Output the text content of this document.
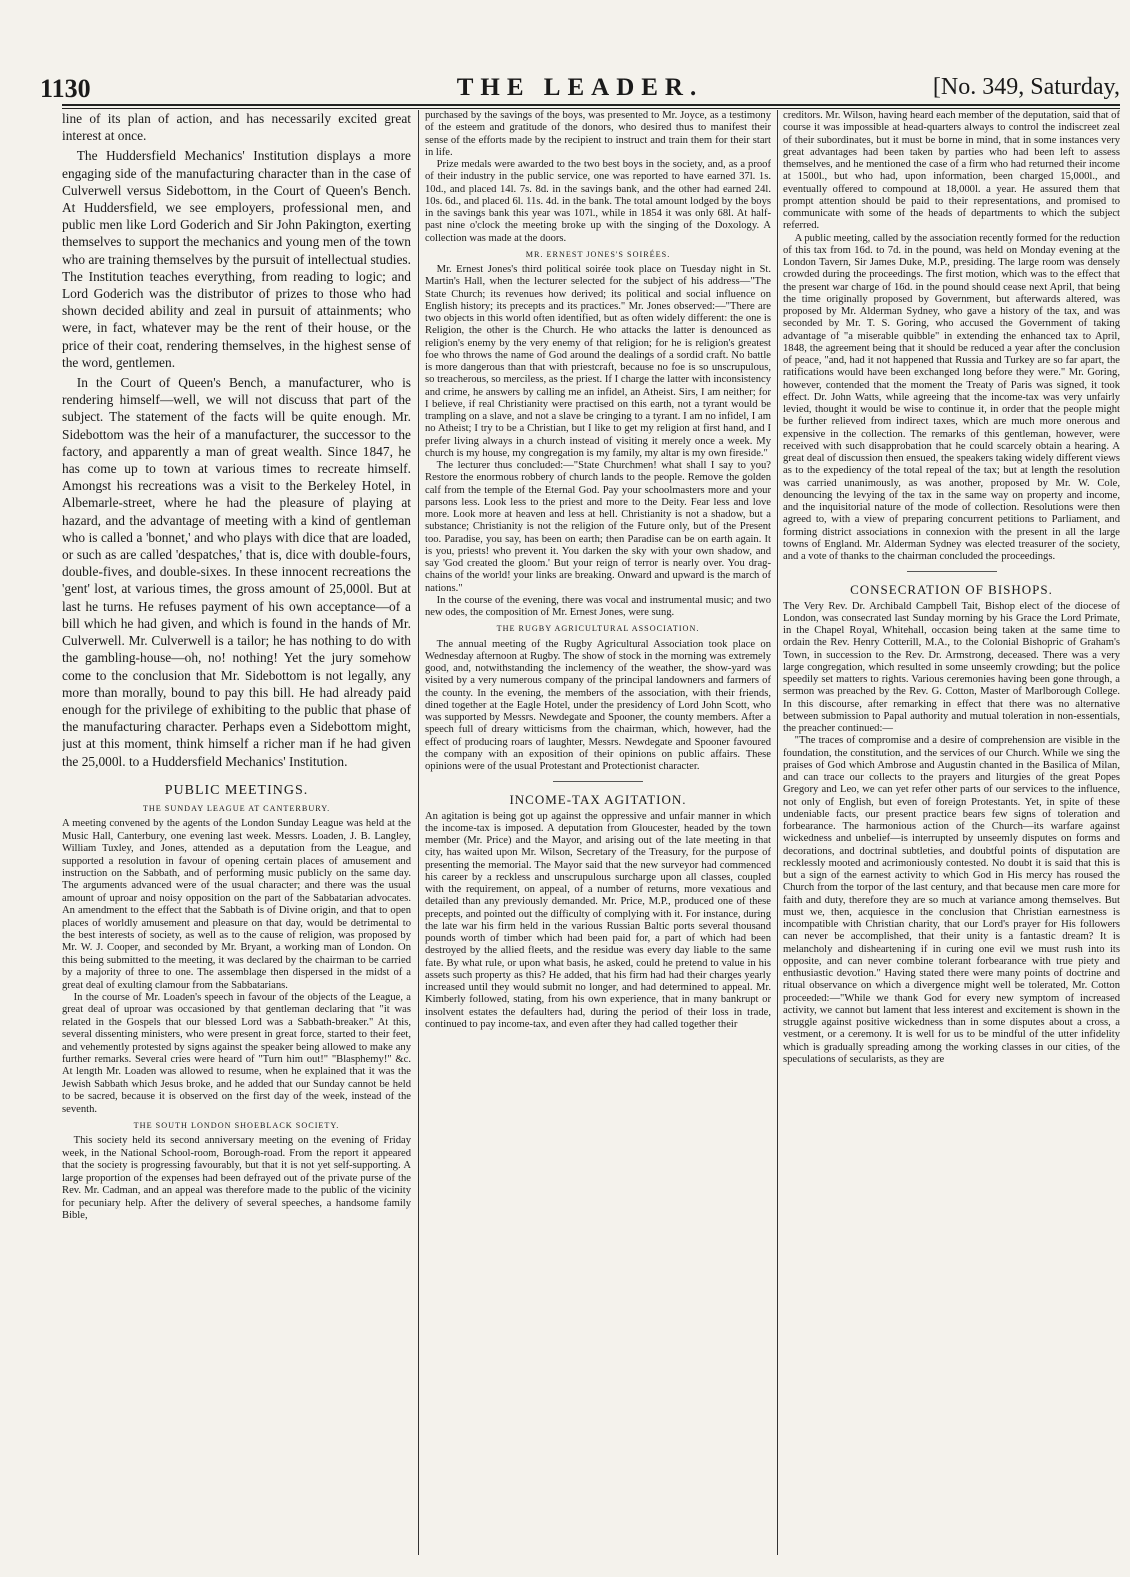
THE LEADER.
1130	[No. 349, Saturday,

line of its plan of action, and has necessarily excited great interest at once.

The Huddersfield Mechanics' Institution displays a more engaging side of the manufacturing character than in the case of Culverwell versus Sidebottom, in the Court of Queen's Bench. At Huddersfield, we see employers, professional men, and public men like Lord Goderich and Sir John Pakington, exerting themselves to support the mechanics and young men of the town who are training themselves by the pursuit of intellectual studies. The Institution teaches everything, from reading to logic; and Lord Goderich was the distributor of prizes to those who had shown decided ability and zeal in pursuit of attainments; who were, in fact, whatever may be the rent of their house, or the price of their coat, rendering themselves, in the highest sense of the word, gentlemen.

In the Court of Queen's Bench, a manufacturer, who is rendering himself—well, we will not discuss that part of the subject. The statement of the facts will be quite enough. Mr. Sidebottom was the heir of a manufacturer, the successor to the factory, and apparently a man of great wealth. Since 1847, he has come up to town at various times to recreate himself. Amongst his recreations was a visit to the Berkeley Hotel, in Albemarle-street, where he had the pleasure of playing at hazard, and the advantage of meeting with a kind of gentleman who is called a 'bonnet,' and who plays with dice that are loaded, or such as are called 'despatches,' that is, dice with double-fours, double-fives, and double-sixes. In these innocent recreations the 'gent' lost, at various times, the gross amount of 25,000l. But at last he turns. He refuses payment of his own acceptance—of a bill which he had given, and which is found in the hands of Mr. Culverwell. Mr. Culverwell is a tailor; he has nothing to do with the gambling-house—oh, no! nothing! Yet the jury somehow come to the conclusion that Mr. Sidebottom is not legally, any more than morally, bound to pay this bill. He had already paid enough for the privilege of exhibiting to the public that phase of the manufacturing character. Perhaps even a Sidebottom might, just at this moment, think himself a richer man if he had given the 25,000l. to a Huddersfield Mechanics' Institution.

PUBLIC MEETINGS.
THE SUNDAY LEAGUE AT CANTERBURY.

A meeting convened by the agents of the London Sunday League was held at the Music Hall, Canterbury, one evening last week. Messrs. Loaden, J. B. Langley, William Tuxley, and Jones, attended as a deputation from the League, and supported a resolution in favour of opening certain places of amusement and instruction on the Sabbath, and of performing music publicly on the same day. The arguments advanced were of the usual character; and there was the usual amount of uproar and noisy opposition on the part of the Sabbatarian advocates. An amendment to the effect that the Sabbath is of Divine origin, and that to open places of worldly amusement and pleasure on that day, would be detrimental to the best interests of society, as well as to the cause of religion, was proposed by Mr. W. J. Cooper, and seconded by Mr. Bryant, a working man of London. On this being submitted to the meeting, it was declared by the chairman to be carried by a majority of three to one. The assemblage then dispersed in the midst of a great deal of exulting clamour from the Sabbatarians.

In the course of Mr. Loaden's speech in favour of the objects of the League, a great deal of uproar was occasioned by that gentleman declaring that "it was related in the Gospels that our blessed Lord was a Sabbath-breaker." At this, several dissenting ministers, who were present in great force, started to their feet, and vehemently protested by signs against the speaker being allowed to make any further remarks. Several cries were heard of "Turn him out!" "Blasphemy!" &c. At length Mr. Loaden was allowed to resume, when he explained that it was the Jewish Sabbath which Jesus broke, and he added that our Sunday cannot be held to be sacred, because it is observed on the first day of the week, instead of the seventh.

THE SOUTH LONDON SHOEBLACK SOCIETY.

This society held its second anniversary meeting on the evening of Friday week, in the National School-room, Borough-road. From the report it appeared that the society is progressing favourably, but that it is not yet self-supporting. A large proportion of the expenses had been defrayed out of the private purse of the Rev. Mr. Cadman, and an appeal was therefore made to the public of the vicinity for pecuniary help. After the delivery of several speeches, a handsome family Bible,

purchased by the savings of the boys, was presented to Mr. Joyce, as a testimony of the esteem and gratitude of the donors, who desired thus to manifest their sense of the efforts made by the recipient to instruct and train them for their start in life.

Prize medals were awarded to the two best boys in the society, and, as a proof of their industry in the public service, one was reported to have earned 37l. 1s. 10d., and placed 14l. 7s. 8d. in the savings bank, and the other had earned 24l. 10s. 6d., and placed 6l. 11s. 4d. in the bank. The total amount lodged by the boys in the savings bank this year was 107l., while in 1854 it was only 68l. At half-past nine o'clock the meeting broke up with the singing of the Doxology. A collection was made at the doors.

MR. ERNEST JONES'S SOIRÉES.

Mr. Ernest Jones's third political soirée took place on Tuesday night in St. Martin's Hall, when the lecturer selected for the subject of his address—"The State Church; its revenues how derived; its political and social influence on English history; its precepts and its practices." Mr. Jones observed:—"There are two objects in this world often identified, but as often widely different: the one is Religion, the other is the Church. He who attacks the latter is denounced as religion's enemy by the very enemy of that religion; for he is religion's greatest foe who throws the name of God around the dealings of a sordid craft. No battle is more dangerous than that with priestcraft, because no foe is so unscrupulous, so treacherous, so merciless, as the priest. If I charge the latter with inconsistency and crime, he answers by calling me an infidel, an Atheist. Sirs, I am neither; for I believe, if real Christianity were practised on this earth, not a tyrant would be trampling on a slave, and not a slave be cringing to a tyrant. I am no infidel, I am no Atheist; I try to be a Christian, but I like to get my religion at first hand, and I prefer living always in a church instead of visiting it merely once a week. My church is my house, my congregation is my family, my altar is my own fireside."

The lecturer thus concluded:—"State Churchmen! what shall I say to you? Restore the enormous robbery of church lands to the people. Remove the golden calf from the temple of the Eternal God. Pay your schoolmasters more and your parsons less. Look less to the priest and more to the Deity. Fear less and love more. Look more at heaven and less at hell. Christianity is not a shadow, but a substance; Christianity is not the religion of the Future only, but of the Present too. Paradise, you say, has been on earth; then Paradise can be on earth again. It is you, priests! who prevent it. You darken the sky with your own shadow, and say 'God created the gloom.' But your reign of terror is nearly over. You drag-chains of the world! your links are breaking. Onward and upward is the march of nations."

In the course of the evening, there was vocal and instrumental music; and two new odes, the composition of Mr. Ernest Jones, were sung.

THE RUGBY AGRICULTURAL ASSOCIATION.

The annual meeting of the Rugby Agricultural Association took place on Wednesday afternoon at Rugby. The show of stock in the morning was extremely good, and, notwithstanding the inclemency of the weather, the show-yard was visited by a very numerous company of the principal landowners and farmers of the county. In the evening, the members of the association, with their friends, dined together at the Eagle Hotel, under the presidency of Lord John Scott, who was supported by Messrs. Newdegate and Spooner, the county members. After a speech full of dreary witticisms from the chairman, which, however, had the effect of producing roars of laughter, Messrs. Newdegate and Spooner favoured the company with an exposition of their opinions on public affairs. These opinions were of the usual Protestant and Protectionist character.

INCOME-TAX AGITATION.

An agitation is being got up against the oppressive and unfair manner in which the income-tax is imposed. A deputation from Gloucester, headed by the town member (Mr. Price) and the Mayor, and arising out of the late meeting in that city, has waited upon Mr. Wilson, Secretary of the Treasury, for the purpose of presenting the memorial. The Mayor said that the new surveyor had commenced his career by a reckless and unscrupulous surcharge upon all classes, coupled with the requirement, on appeal, of a number of returns, more vexatious and detailed than any previously demanded. Mr. Price, M.P., produced one of these precepts, and pointed out the difficulty of complying with it. For instance, during the late war his firm held in the various Russian Baltic ports several thousand pounds worth of timber which had been paid for, a part of which had been destroyed by the allied fleets, and the residue was every day liable to the same fate. By what rule, or upon what basis, he asked, could he pretend to value in his assets such property as this? He added, that his firm had had their charges yearly increased until they would submit no longer, and had determined to appeal. Mr. Kimberly followed, stating, from his own experience, that in many bankrupt or insolvent estates the defaulters had, during the period of their loss in trade, continued to pay income-tax, and even after they had called together their

creditors. Mr. Wilson, having heard each member of the deputation, said that of course it was impossible at head-quarters always to control the indiscreet zeal of their subordinates, but it must be borne in mind, that in some instances very great advantages had been taken by parties who had been left to assess themselves, and he mentioned the case of a firm who had returned their income at 1500l., but who had, upon information, been charged 15,000l., and eventually offered to compound at 18,000l. a year. He assured them that prompt attention should be paid to their representations, and promised to communicate with some of the heads of departments to which the subject referred.

A public meeting, called by the association recently formed for the reduction of this tax from 16d. to 7d. in the pound, was held on Monday evening at the London Tavern, Sir James Duke, M.P., presiding. The large room was densely crowded during the proceedings. The first motion, which was to the effect that the present war charge of 16d. in the pound should cease next April, that being the time originally proposed by Government, but afterwards altered, was proposed by Mr. Alderman Sydney, who gave a history of the tax, and was seconded by Mr. T. S. Goring, who accused the Government of taking advantage of "a miserable quibble" in extending the enhanced tax to April, 1848, the agreement being that it should be reduced a year after the conclusion of peace, "and, had it not happened that Russia and Turkey are so far apart, the ratifications would have been exchanged long before they were." Mr. Goring, however, contended that the moment the Treaty of Paris was signed, it took effect. Dr. John Watts, while agreeing that the income-tax was very unfairly levied, thought it would be wise to continue it, in order that the people might be further relieved from indirect taxes, which are much more onerous and expensive in the collection. The remarks of this gentleman, however, were received with such disapprobation that he could scarcely obtain a hearing. A great deal of discussion then ensued, the speakers taking widely different views as to the expediency of the total repeal of the tax; but at length the resolution was carried unanimously, as was another, proposed by Mr. W. Cole, denouncing the levying of the tax in the same way on property and income, and the inquisitorial nature of the mode of collection. Resolutions were then agreed to, with a view of preparing concurrent petitions to Parliament, and forming district associations in connexion with the present in all the large towns of England. Mr. Alderman Sydney was elected treasurer of the society, and a vote of thanks to the chairman concluded the proceedings.

CONSECRATION OF BISHOPS.

The Very Rev. Dr. Archibald Campbell Tait, Bishop elect of the diocese of London, was consecrated last Sunday morning by his Grace the Lord Primate, in the Chapel Royal, Whitehall, occasion being taken at the same time to ordain the Rev. Henry Cotterill, M.A., to the Colonial Bishopric of Graham's Town, in succession to the Rev. Dr. Armstrong, deceased. There was a very large congregation, which resulted in some unseemly crowding; but the police speedily set matters to rights. Various ceremonies having been gone through, a sermon was preached by the Rev. G. Cotton, Master of Marlborough College. In this discourse, after remarking in effect that there was no alternative between submission to Papal authority and mutual toleration in non-essentials, the preacher continued:—

"The traces of compromise and a desire of comprehension are visible in the foundation, the constitution, and the services of our Church. While we sing the praises of God which Ambrose and Augustin chanted in the Basilica of Milan, and can trace our collects to the prayers and liturgies of the great Popes Gregory and Leo, we can yet refer other parts of our services to the influence, not only of English, but even of foreign Protestants. Yet, in spite of these undeniable facts, our present practice bears few signs of toleration and forbearance. The harmonious action of the Church—its warfare against wickedness and unbelief—is interrupted by unseemly disputes on forms and decorations, and doctrinal subtleties, and doubtful points of disputation are recklessly mooted and acrimoniously contested. No doubt it is said that this is but a sign of the earnest activity to which God in His mercy has roused the Church from the torpor of the last century, and that because men care more for faith and duty, therefore they are so much at variance among themselves. But must we, then, acquiesce in the conclusion that Christian earnestness is incompatible with Christian charity, that our Lord's prayer for His followers can never be accomplished, that their unity is a fantastic dream? It is melancholy and disheartening if in curing one evil we must rush into its opposite, and can never combine tolerant forbearance with true piety and enthusiastic devotion." Having stated there were many points of doctrine and ritual observance on which a divergence might well be tolerated, Mr. Cotton proceeded:—"While we thank God for every new symptom of increased activity, we cannot but lament that less interest and excitement is shown in the struggle against positive wickedness than in some disputes about a cross, a vestment, or a ceremony. It is well for us to be mindful of the utter infidelity which is gradually spreading among the working classes in our cities, of the speculations of secularists, as they are
